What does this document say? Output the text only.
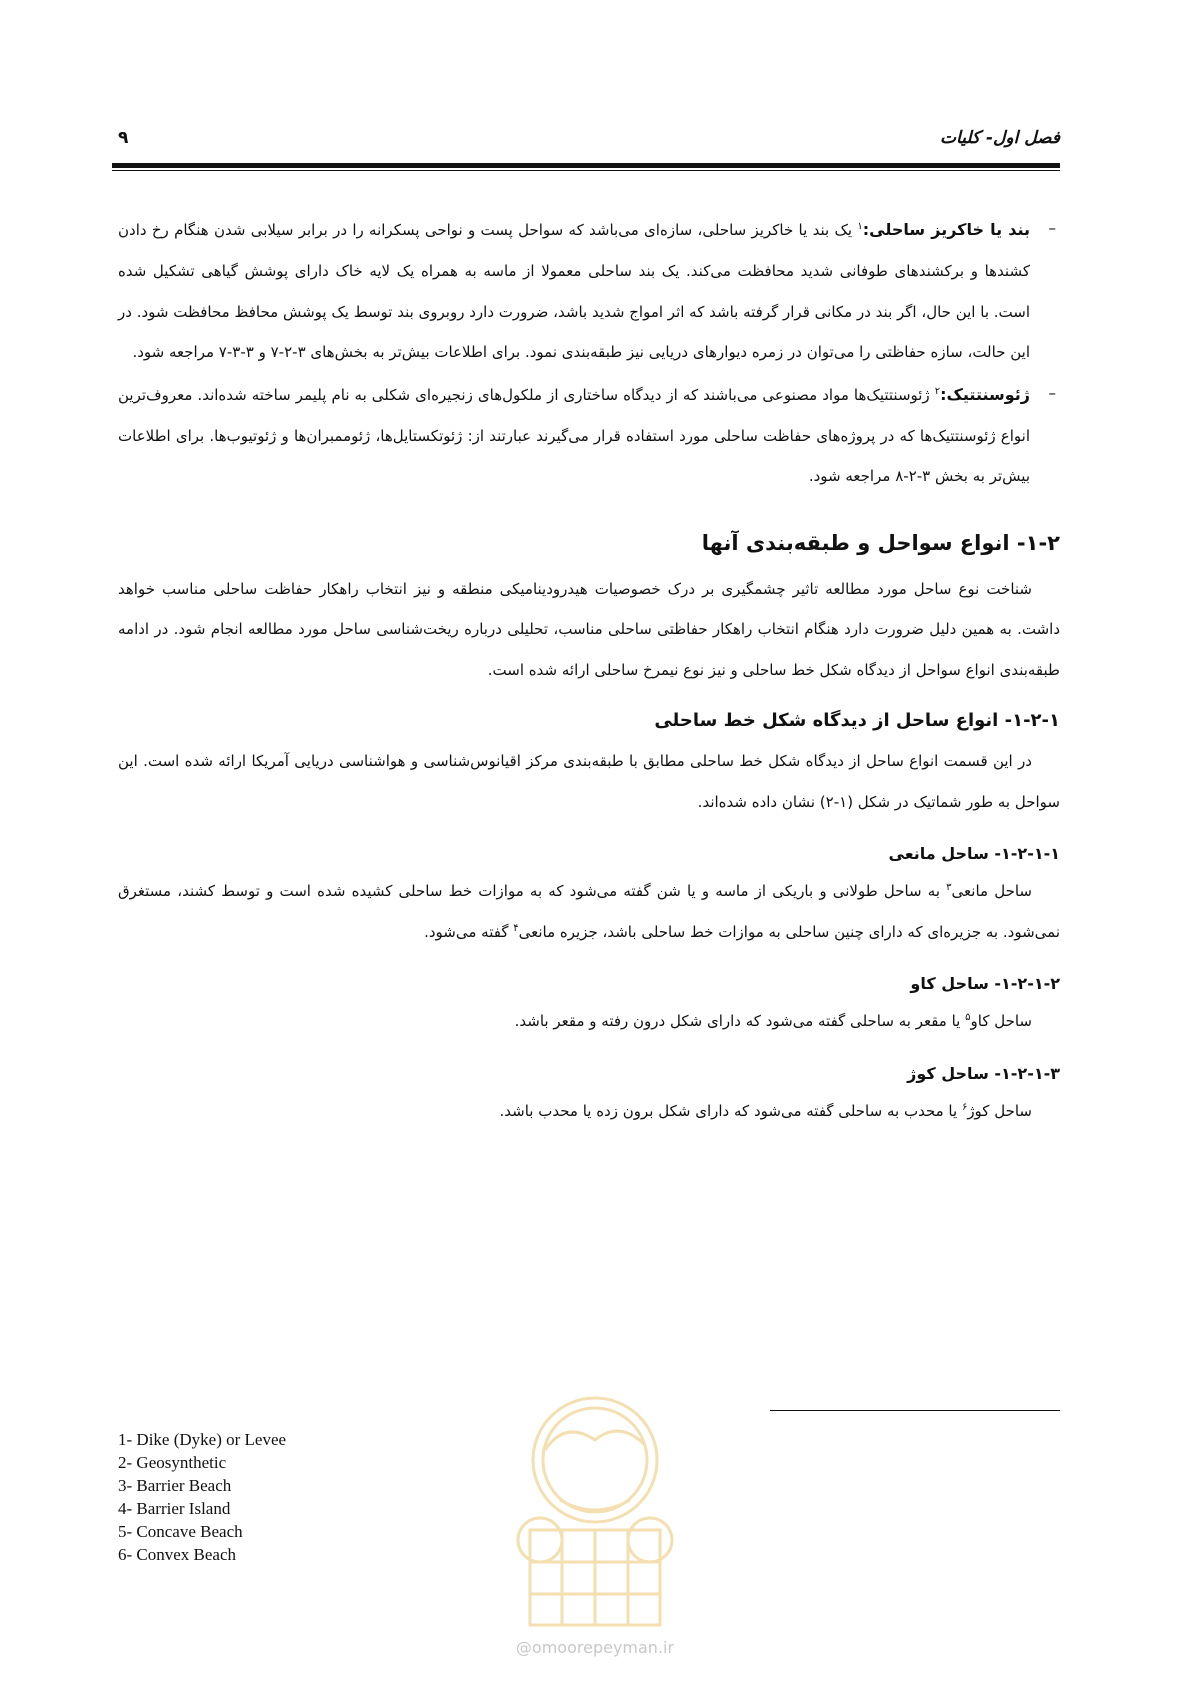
فصل اول- کلیات
۹

–
بند یا خاکریز ساحلی:$^۱$ یک بند یا خاکریز ساحلی، سازه‌ای می‌باشد که سواحل پست و نواحی پسکرانه را در برابر سیلابی شدن هنگام رخ دادن کشندها و برکشندهای طوفانی شدید محافظت می‌کند. یک بند ساحلی معمولا از ماسه به همراه یک لایه خاک دارای پوشش گیاهی تشکیل شده است. با این حال، اگر بند در مکانی قرار گرفته باشد که اثر امواج شدید باشد، ضرورت دارد روبروی بند توسط یک پوشش محافظ محافظت شود. در این حالت، سازه حفاظتی را می‌توان در زمره دیوارهای دریایی نیز طبقه‌بندی نمود. برای اطلاعات بیش‌تر به بخش‌های ۳-۲-۷ و ۳-۳-۷ مراجعه شود.

–
ژئوسنتتیک:$^۲$ ژئوسنتتیک‌ها مواد مصنوعی می‌باشند که از دیدگاه ساختاری از ملکول‌های زنجیره‌ای شکلی به نام پلیمر ساخته شده‌اند. معروف‌ترین انواع ژئوسنتتیک‌ها که در پروژه‌های حفاظت ساحلی مورد استفاده قرار می‌گیرند عبارتند از: ژئوتکستایل‌ها، ژئوممبران‌ها و ژئوتیوب‌ها. برای اطلاعات بیش‌تر به بخش ۳-۲-۸ مراجعه شود.

۱-۲- انواع سواحل و طبقه‌بندی آنها

شناخت نوع ساحل مورد مطالعه تاثیر چشمگیری بر درک خصوصیات هیدرودینامیکی منطقه و نیز انتخاب راهکار حفاظت ساحلی مناسب خواهد داشت. به همین دلیل ضرورت دارد هنگام انتخاب راهکار حفاظتی ساحلی مناسب، تحلیلی درباره ریخت‌شناسی ساحل مورد مطالعه انجام شود. در ادامه طبقه‌بندی انواع سواحل از دیدگاه شکل خط ساحلی و نیز نوع نیمرخ ساحلی ارائه شده است.

۱-۲-۱- انواع ساحل از دیدگاه شکل خط ساحلی

در این قسمت انواع ساحل از دیدگاه شکل خط ساحلی مطابق با طبقه‌بندی مرکز اقیانوس‌شناسی و هواشناسی دریایی آمریکا ارائه شده است. این سواحل به طور شماتیک در شکل (۱-۲) نشان داده شده‌اند.

۱-۲-۱-۱- ساحل مانعی

ساحل مانعی$^۳$ به ساحل طولانی و باریکی از ماسه و یا شن گفته می‌شود که به موازات خط ساحلی کشیده شده است و توسط کشند، مستغرق نمی‌شود. به جزیره‌ای که دارای چنین ساحلی به موازات خط ساحلی باشد، جزیره مانعی$^۴$ گفته می‌شود.

۱-۲-۱-۲- ساحل کاو

ساحل کاو$^۵$ یا مقعر به ساحلی گفته می‌شود که دارای شکل درون رفته و مقعر باشد.

۱-۲-۱-۳- ساحل کوژ

ساحل کوژ$^۶$ یا محدب به ساحلی گفته می‌شود که دارای شکل برون زده یا محدب باشد.

1- Dike (Dyke) or Levee
2- Geosynthetic
3- Barrier Beach
4- Barrier Island
5- Concave Beach
6- Convex Beach
@omoorepeyman.ir
